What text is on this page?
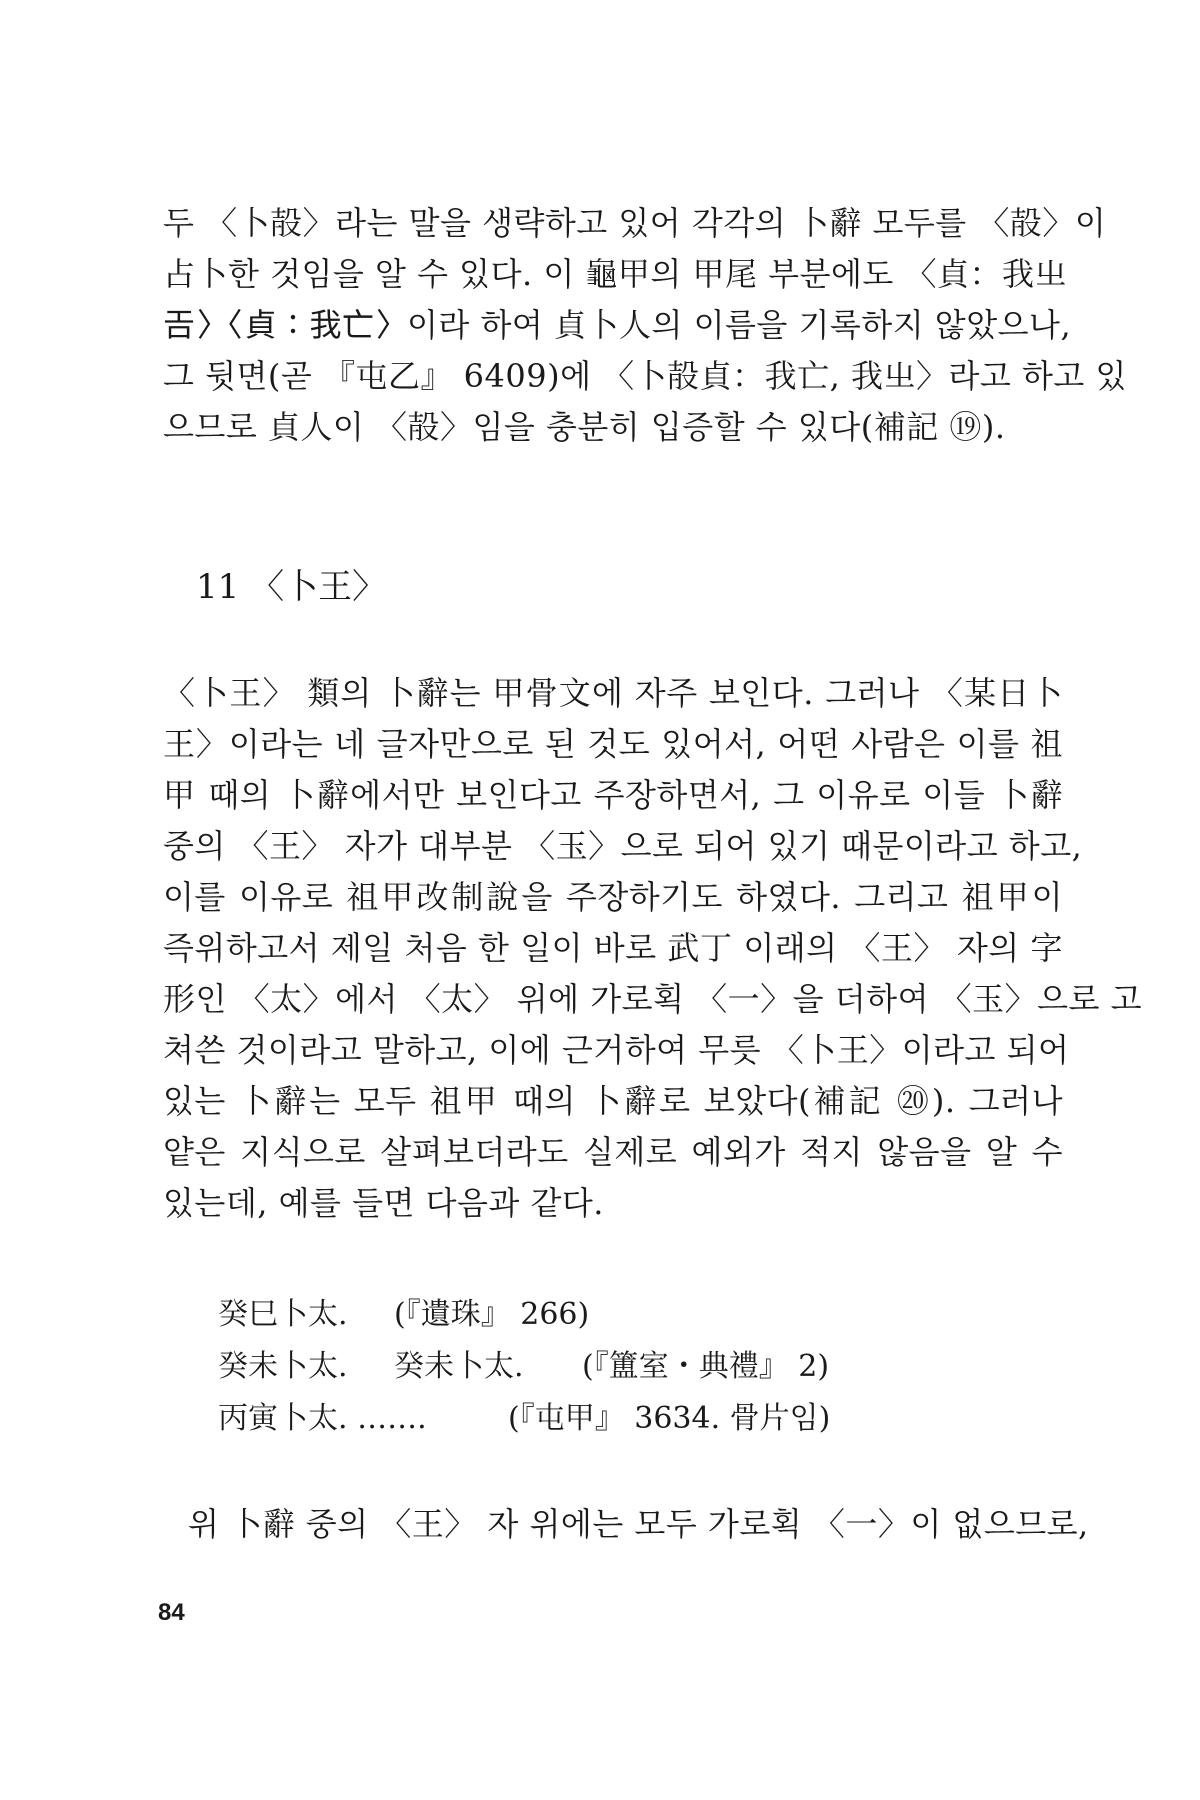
두 〈卜㱿〉라는 말을 생략하고 있어 각각의 卜辭 모두를 〈㱿〉이
占卜한 것임을 알 수 있다. 이 龜甲의 甲尾 부분에도 〈貞：我㞢
𢀛〉〈貞：我亡〉이라 하여 貞卜人의 이름을 기록하지 않았으나,
그 뒷면(곧 『屯乙』 6409)에 〈卜㱿貞：我亡, 我㞢〉라고 하고 있
으므로 貞人이 〈㱿〉임을 충분히 입증할 수 있다(補記 ⑲).
11 〈卜王〉
〈卜王〉 類의 卜辭는 甲骨文에 자주 보인다. 그러나 〈某日卜
王〉이라는 네 글자만으로 된 것도 있어서, 어떤 사람은 이를 祖
甲 때의 卜辭에서만 보인다고 주장하면서, 그 이유로 이들 卜辭
중의 〈王〉 자가 대부분 〈玉〉으로 되어 있기 때문이라고 하고,
이를 이유로 祖甲改制說을 주장하기도 하였다. 그리고 祖甲이
즉위하고서 제일 처음 한 일이 바로 武丁 이래의 〈王〉 자의 字
形인 〈太〉에서 〈太〉 위에 가로획 〈一〉을 더하여 〈玉〉으로 고
쳐쓴 것이라고 말하고, 이에 근거하여 무릇 〈卜王〉이라고 되어
있는 卜辭는 모두 祖甲 때의 卜辭로 보았다(補記 ⑳). 그러나
얕은 지식으로 살펴보더라도 실제로 예외가 적지 않음을 알 수
있는데, 예를 들면 다음과 같다.
癸巳卜太. (『遺珠』 266)
癸未卜太. 癸未卜太. (『簠室・典禮』 2)
丙寅卜太. …….	(『屯甲』 3634. 骨片임)
위 卜辭 중의 〈王〉 자 위에는 모두 가로획 〈一〉이 없으므로,
84
